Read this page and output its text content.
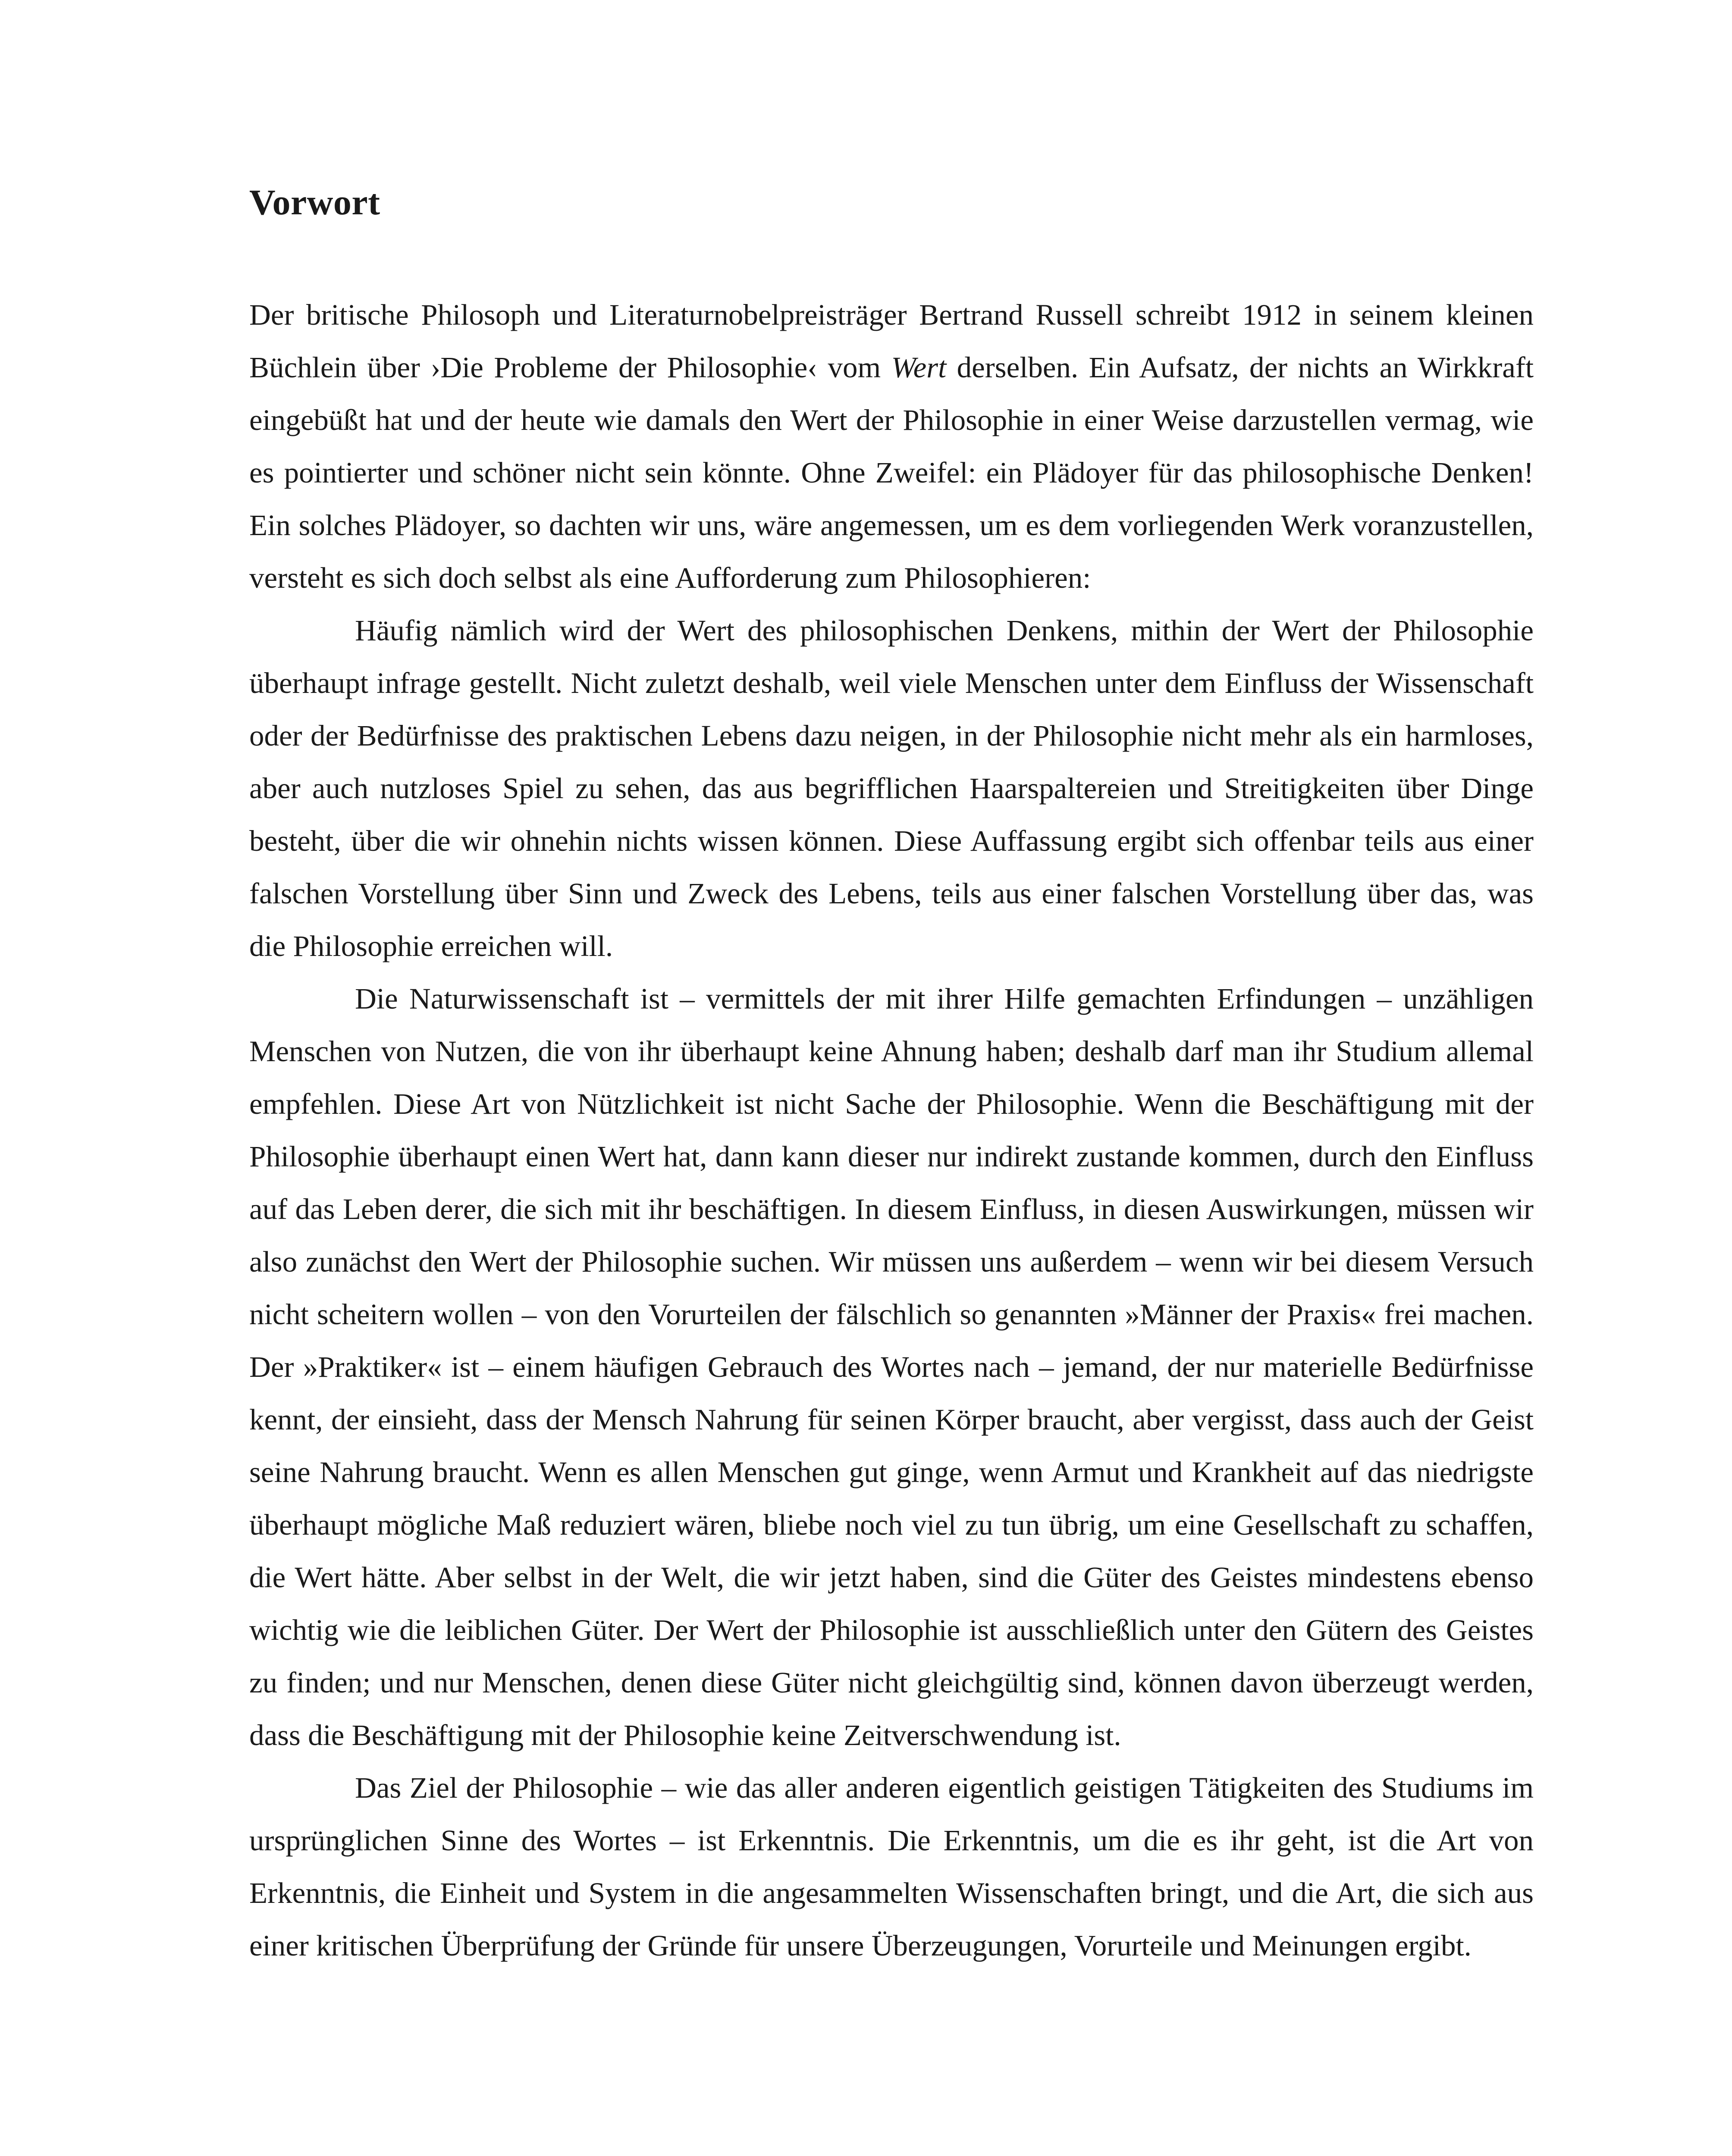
Vorwort

Der britische Philosoph und Literaturnobelpreisträger Bertrand Russell schreibt 1912 in seinem kleinen Büchlein über ›Die Probleme der Philosophie‹ vom Wert derselben. Ein Aufsatz, der nichts an Wirkkraft eingebüßt hat und der heute wie damals den Wert der Philosophie in einer Weise darzustellen vermag, wie es pointierter und schöner nicht sein könnte. Ohne Zweifel: ein Plädoyer für das philosophische Denken! Ein solches Plädoyer, so dachten wir uns, wäre angemessen, um es dem vorliegenden Werk voranzustellen, versteht es sich doch selbst als eine Aufforderung zum Philosophieren:

Häufig nämlich wird der Wert des philosophischen Denkens, mithin der Wert der Philosophie überhaupt infrage gestellt. Nicht zuletzt deshalb, weil viele Menschen unter dem Einfluss der Wissenschaft oder der Bedürfnisse des praktischen Lebens dazu neigen, in der Philosophie nicht mehr als ein harmloses, aber auch nutzloses Spiel zu sehen, das aus begrifflichen Haarspaltereien und Streitigkeiten über Dinge besteht, über die wir ohnehin nichts wissen können. Diese Auffassung ergibt sich offenbar teils aus einer falschen Vorstellung über Sinn und Zweck des Lebens, teils aus einer falschen Vorstellung über das, was die Philosophie erreichen will.

Die Naturwissenschaft ist – vermittels der mit ihrer Hilfe gemachten Erfindungen – unzähligen Menschen von Nutzen, die von ihr überhaupt keine Ahnung haben; deshalb darf man ihr Studium allemal empfehlen. Diese Art von Nützlichkeit ist nicht Sache der Philosophie. Wenn die Beschäftigung mit der Philosophie überhaupt einen Wert hat, dann kann dieser nur indirekt zustande kommen, durch den Einfluss auf das Leben derer, die sich mit ihr beschäftigen. In diesem Einfluss, in diesen Auswirkungen, müssen wir also zunächst den Wert der Philosophie suchen. Wir müssen uns außerdem – wenn wir bei diesem Versuch nicht scheitern wollen – von den Vorurteilen der fälschlich so genannten »Männer der Praxis« frei machen. Der »Praktiker« ist – einem häufigen Gebrauch des Wortes nach – jemand, der nur materielle Bedürfnisse kennt, der einsieht, dass der Mensch Nahrung für seinen Körper braucht, aber vergisst, dass auch der Geist seine Nahrung braucht. Wenn es allen Menschen gut ginge, wenn Armut und Krankheit auf das niedrigste überhaupt mögliche Maß reduziert wären, bliebe noch viel zu tun übrig, um eine Gesellschaft zu schaffen, die Wert hätte. Aber selbst in der Welt, die wir jetzt haben, sind die Güter des Geistes mindestens ebenso wichtig wie die leiblichen Güter. Der Wert der Philosophie ist ausschließlich unter den Gütern des Geistes zu finden; und nur Menschen, denen diese Güter nicht gleichgültig sind, können davon überzeugt werden, dass die Beschäftigung mit der Philosophie keine Zeitverschwendung ist.

Das Ziel der Philosophie – wie das aller anderen eigentlich geistigen Tätigkeiten des Studiums im ursprünglichen Sinne des Wortes – ist Erkenntnis. Die Erkenntnis, um die es ihr geht, ist die Art von Erkenntnis, die Einheit und System in die angesammelten Wissenschaften bringt, und die Art, die sich aus einer kritischen Überprüfung der Gründe für unsere Überzeugungen, Vorurteile und Meinungen ergibt.
